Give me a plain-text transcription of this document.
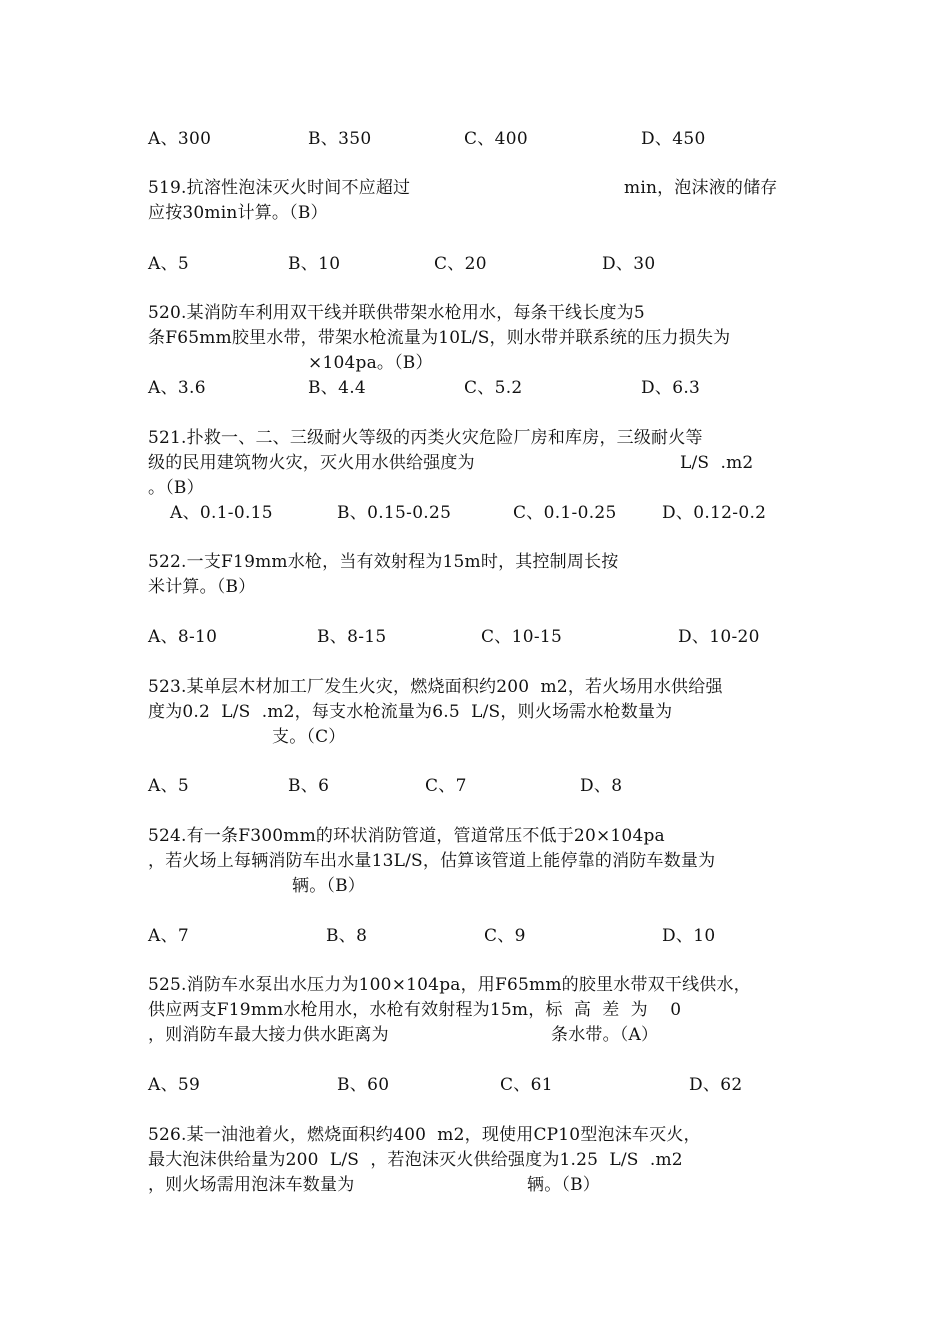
A、300	B、350	C、400	D、450
519.抗溶性泡沫灭火时间不应超过	min，泡沫液的储存
应按30min计算。（B）
A、5	B、10	C、20	D、30
520.某消防车利用双干线并联供带架水枪用水，每条干线长度为5
条F65mm胶里水带，带架水枪流量为10L/S，则水带并联系统的压力损失为
×104pa。（B）
A、3.6	B、4.4	C、5.2	D、6.3
521.扑救一、二、三级耐火等级的丙类火灾危险厂房和库房，三级耐火等
级的民用建筑物火灾，灭火用水供给强度为	L/S  .m2
。（B）
A、0.1-0.15	B、0.15-0.25	C、0.1-0.25	D、0.12-0.2
522.一支F19mm水枪，当有效射程为15m时，其控制周长按
米计算。（B）
A、8-10	B、8-15	C、10-15	D、10-20
523.某单层木材加工厂发生火灾，燃烧面积约200  m2，若火场用水供给强
度为0.2  L/S  .m2，每支水枪流量为6.5  L/S，则火场需水枪数量为
支。（C）
A、5	B、6	C、7	D、8
524.有一条F300mm的环状消防管道，管道常压不低于20×104pa
，若火场上每辆消防车出水量13L/S，估算该管道上能停靠的消防车数量为
辆。（B）
A、7	B、8	C、9	D、10
525.消防车水泵出水压力为100×104pa，用F65mm的胶里水带双干线供水，
供应两支F19mm水枪用水，水枪有效射程为15m，标  高  差  为    0
，则消防车最大接力供水距离为	条水带。（A）
A、59	B、60	C、61	D、62
526.某一油池着火，燃烧面积约400  m2，现使用CP10型泡沫车灭火，
最大泡沫供给量为200  L/S  ，若泡沫灭火供给强度为1.25  L/S  .m2
，则火场需用泡沫车数量为	辆。（B）
